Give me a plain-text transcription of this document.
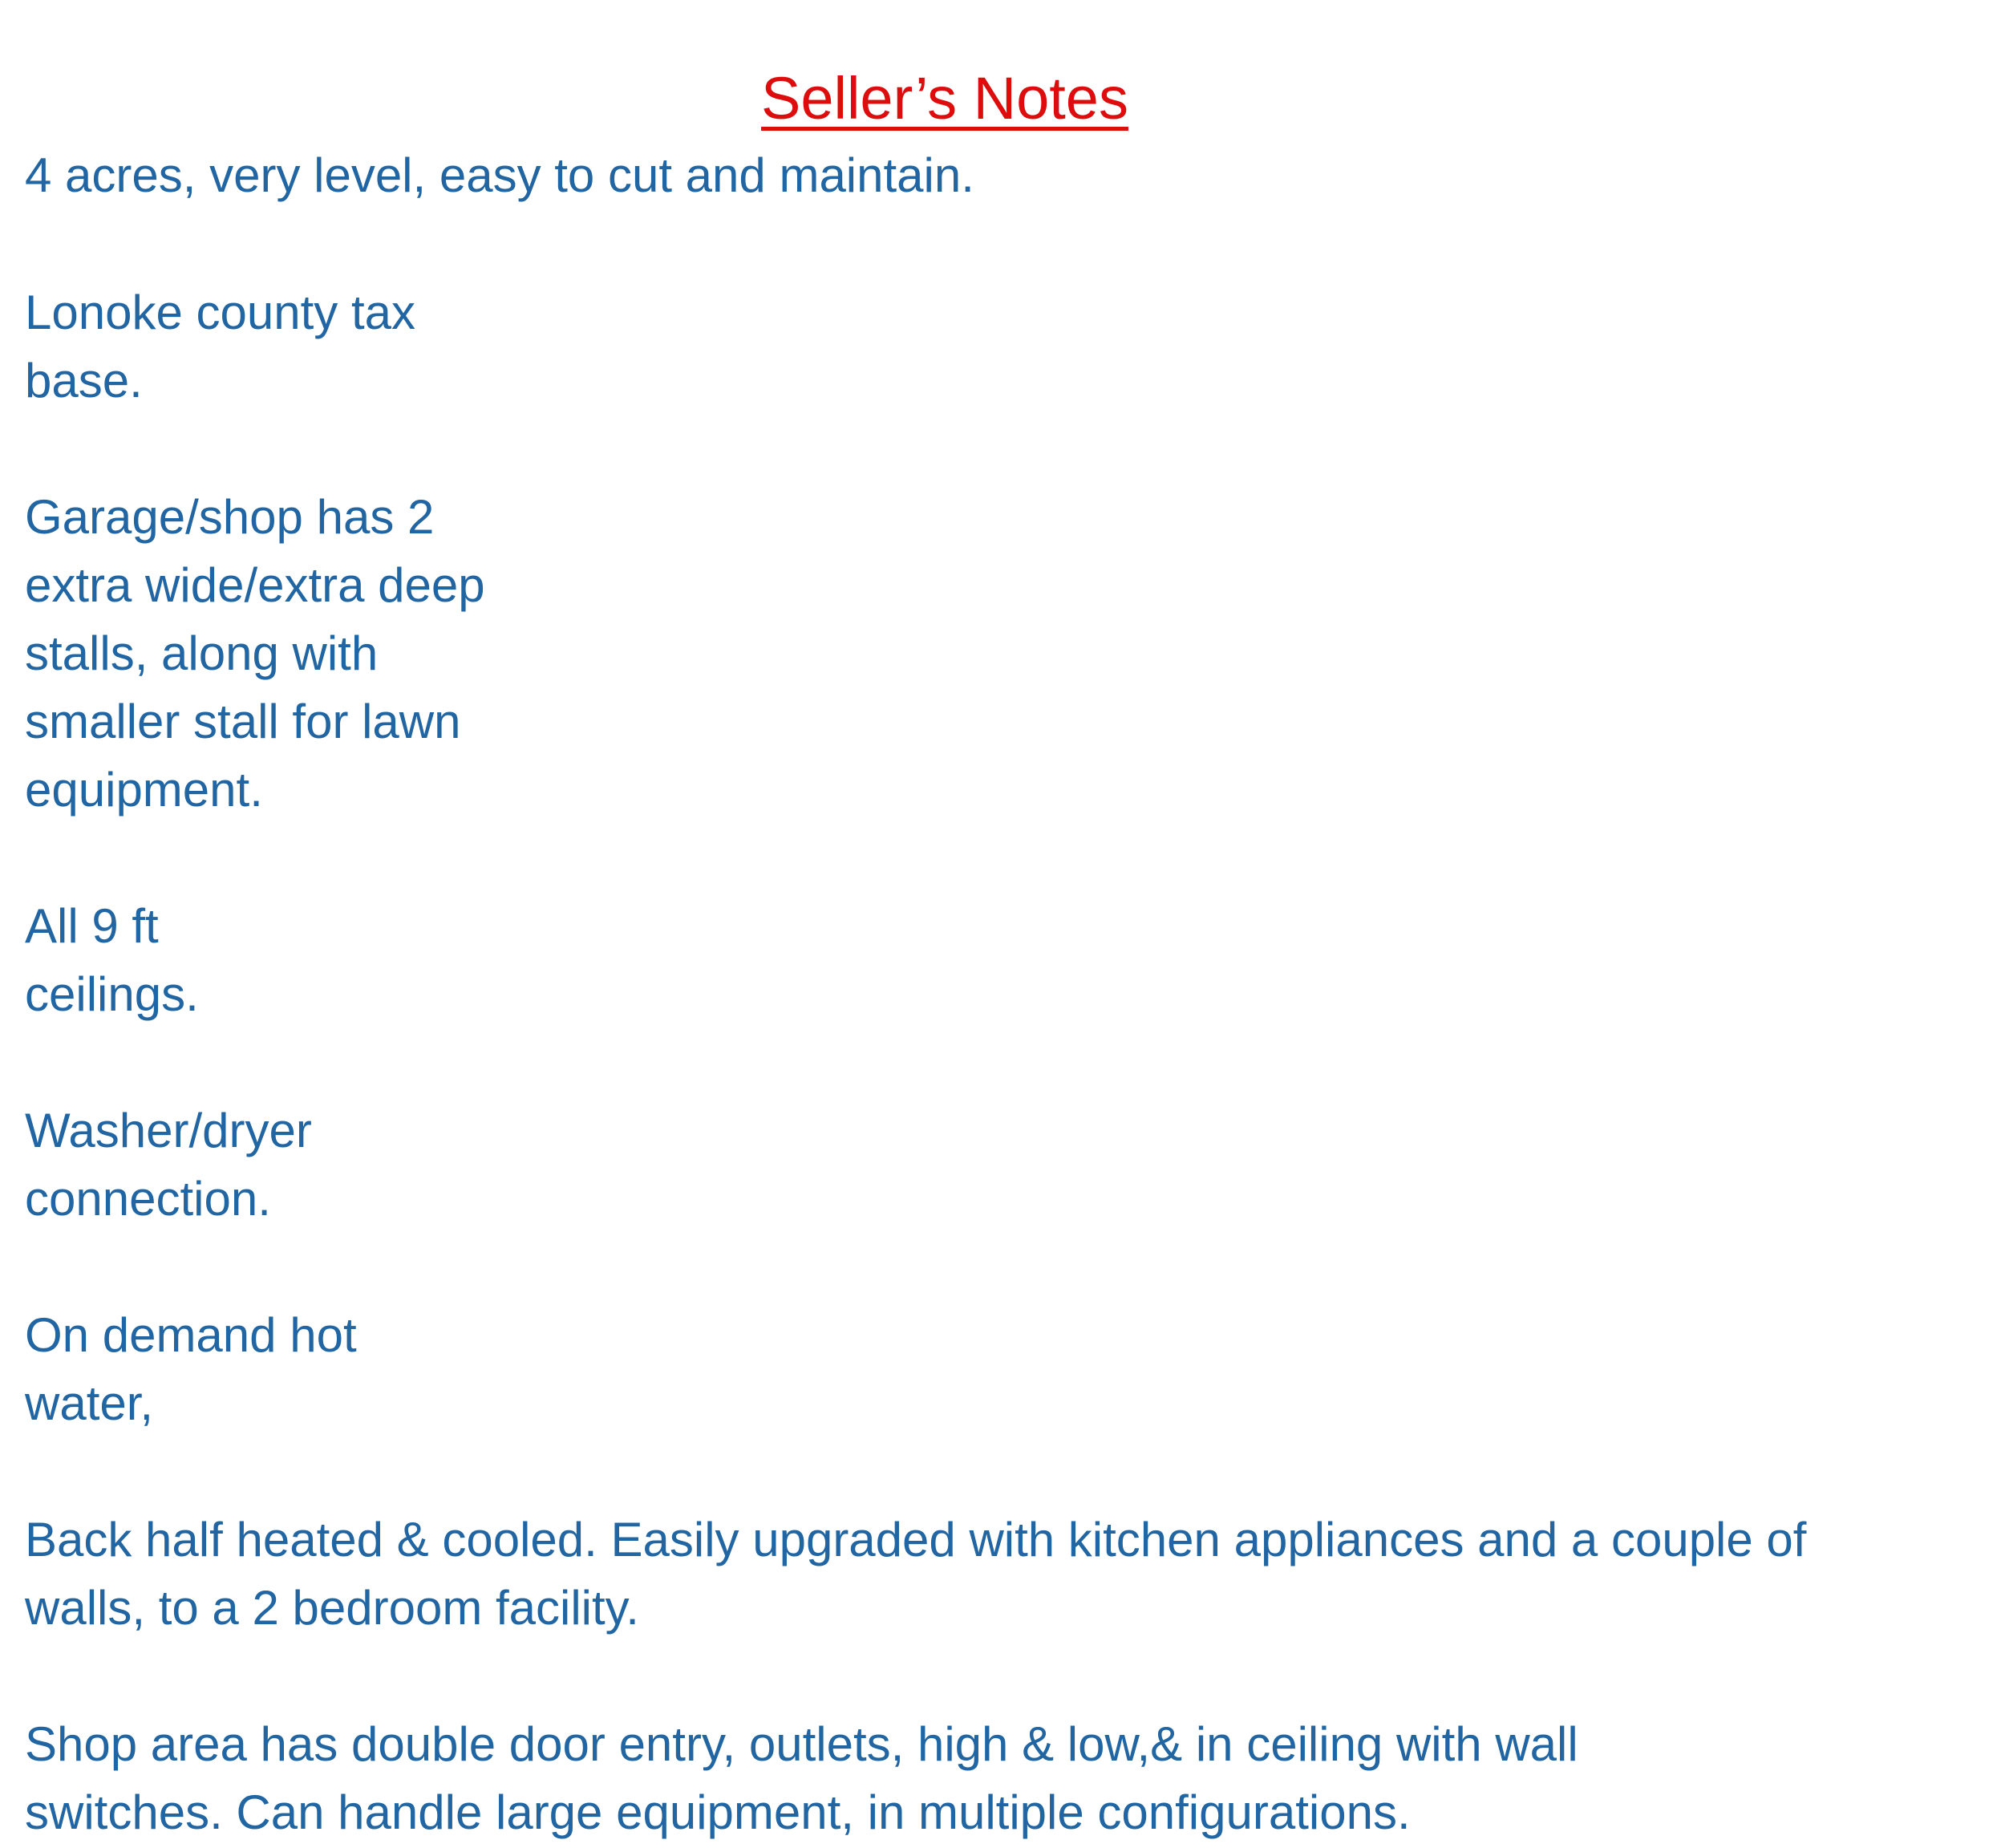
Seller’s Notes

4 acres, very level, easy to cut and maintain.

Lonoke county tax

base.

Garage/shop has 2

extra wide/extra deep

stalls, along with

smaller stall for lawn

equipment.

All 9 ft

ceilings.

Washer/dryer

connection.

On demand hot

water,

Back half heated & cooled. Easily upgraded with kitchen appliances and a couple of

walls, to a 2 bedroom facility.

Shop area has double door entry, outlets, high & low,& in ceiling with wall

switches. Can handle large equipment, in multiple configurations.
